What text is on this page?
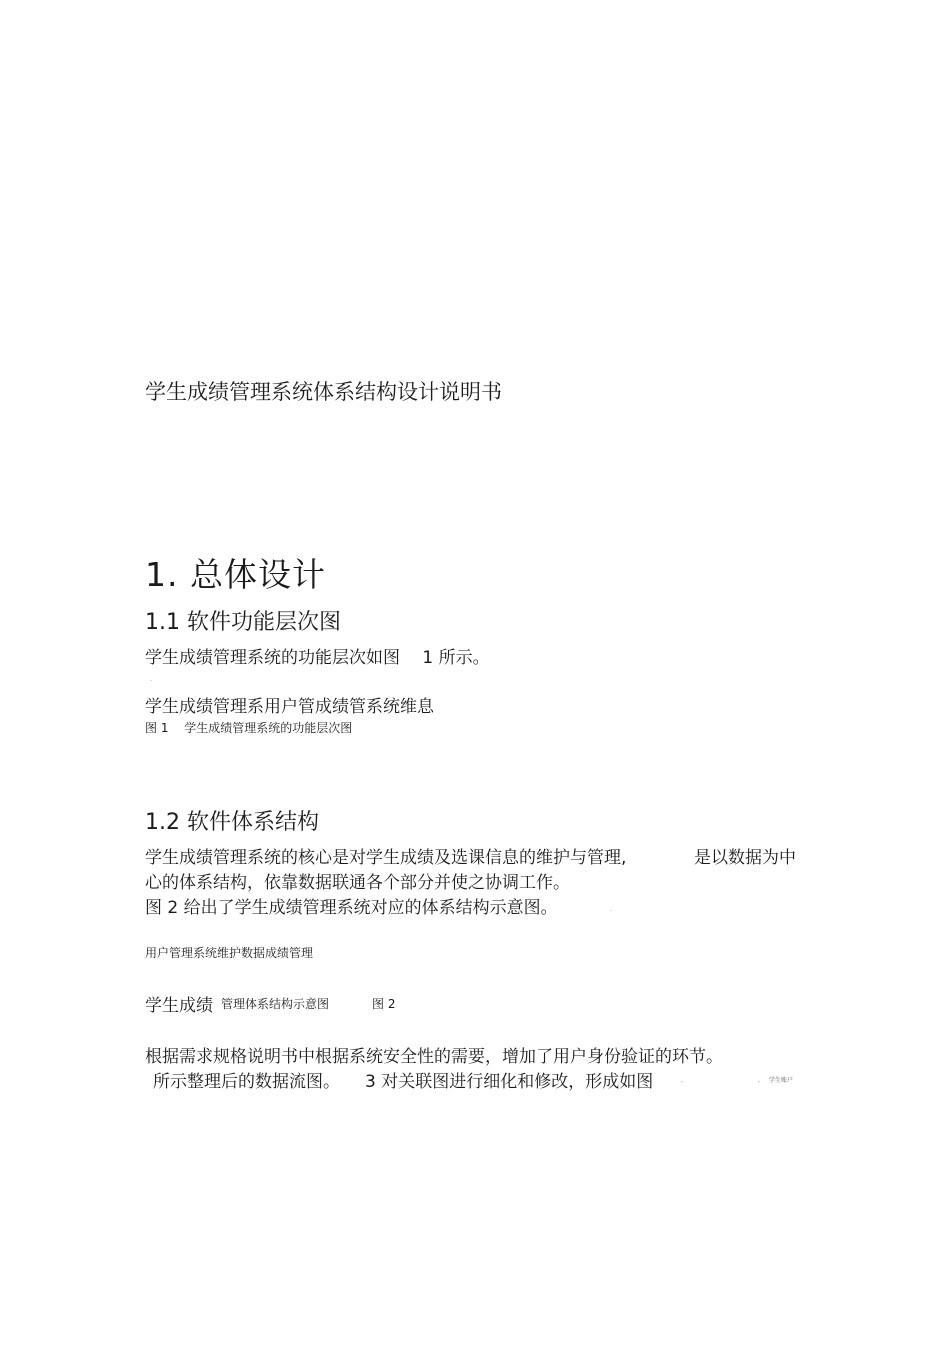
学生成绩管理系统体系结构设计说明书
1. 总体设计
1.1 软件功能层次图
学生成绩管理系统的功能层次如图　 1 所示。
·
学生成绩管理系用户管成绩管系统维息
图 1　 学生成绩管理系统的功能层次图
1.2 软件体系结构
学生成绩管理系统的核心是对学生成绩及选课信息的维护与管理,	是以数据为中
心的体系结构，依靠数据联通各个部分并使之协调工作。
图 2 给出了学生成绩管理系统对应的体系结构示意图。	.
用户管理系统维护数据成绩管理
学生成绩 管理体系结构示意图	图 2
根据需求规格说明书中根据系统安全性的需要，增加了用户身份验证的环节。
所示整理后的数据流图。 3 对关联图进行细化和修改，形成如图	,	, 学生账户
